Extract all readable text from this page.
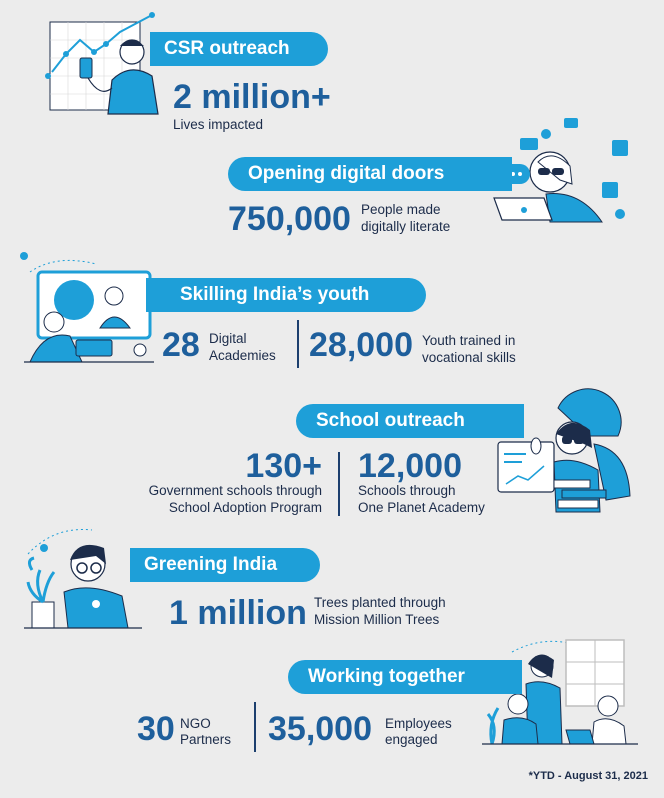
CSR outreach
2 million+
Lives impacted
Opening digital doors
750,000 People made
digitally literate
Skilling India’s youth
28 Digital
Academies 28,000 Youth trained in
vocational skills
School outreach
130+
Government schools through
School Adoption Program
12,000
Schools through
One Planet Academy
Greening India
1 million Trees planted through
Mission Million Trees
Working together
30 NGO
Partners 35,000 Employees
engaged
*YTD - August 31, 2021
